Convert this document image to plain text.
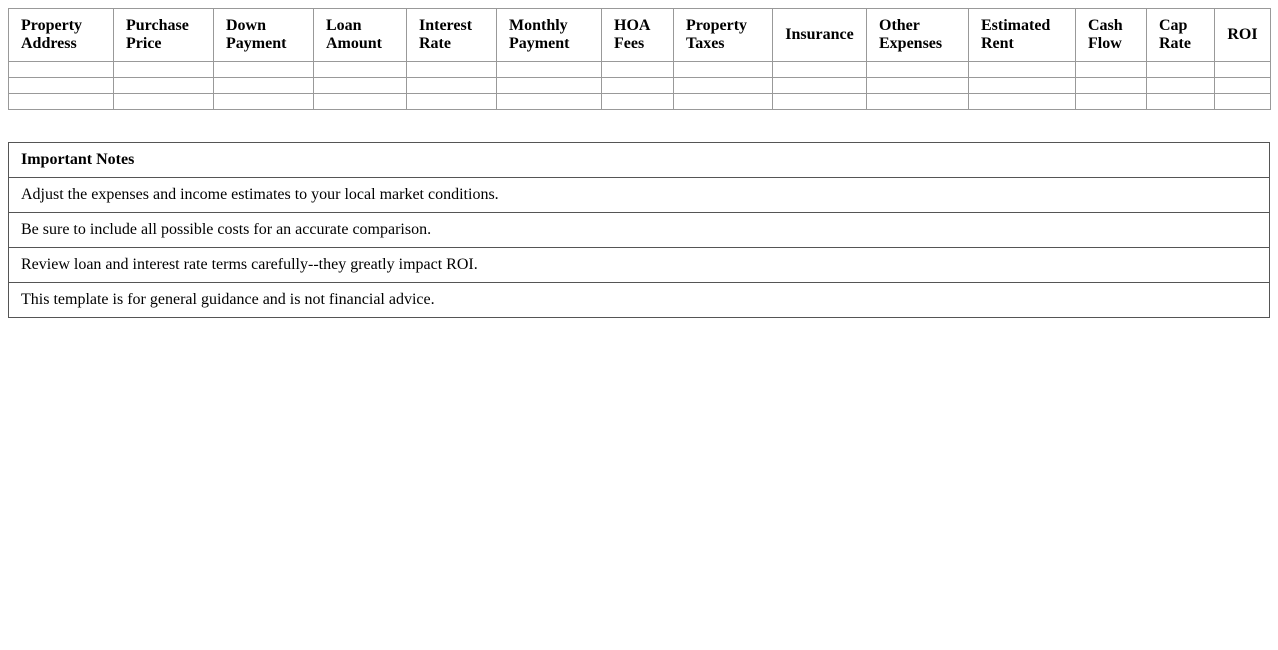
Property Address	Purchase Price	Down Payment	Loan Amount	Interest Rate	Monthly Payment	HOA Fees	Property Taxes	Insurance	Other Expenses	Estimated Rent	Cash Flow	Cap Rate	ROI

Important Notes
Adjust the expenses and income estimates to your local market conditions.
Be sure to include all possible costs for an accurate comparison.
Review loan and interest rate terms carefully--they greatly impact ROI.
This template is for general guidance and is not financial advice.
